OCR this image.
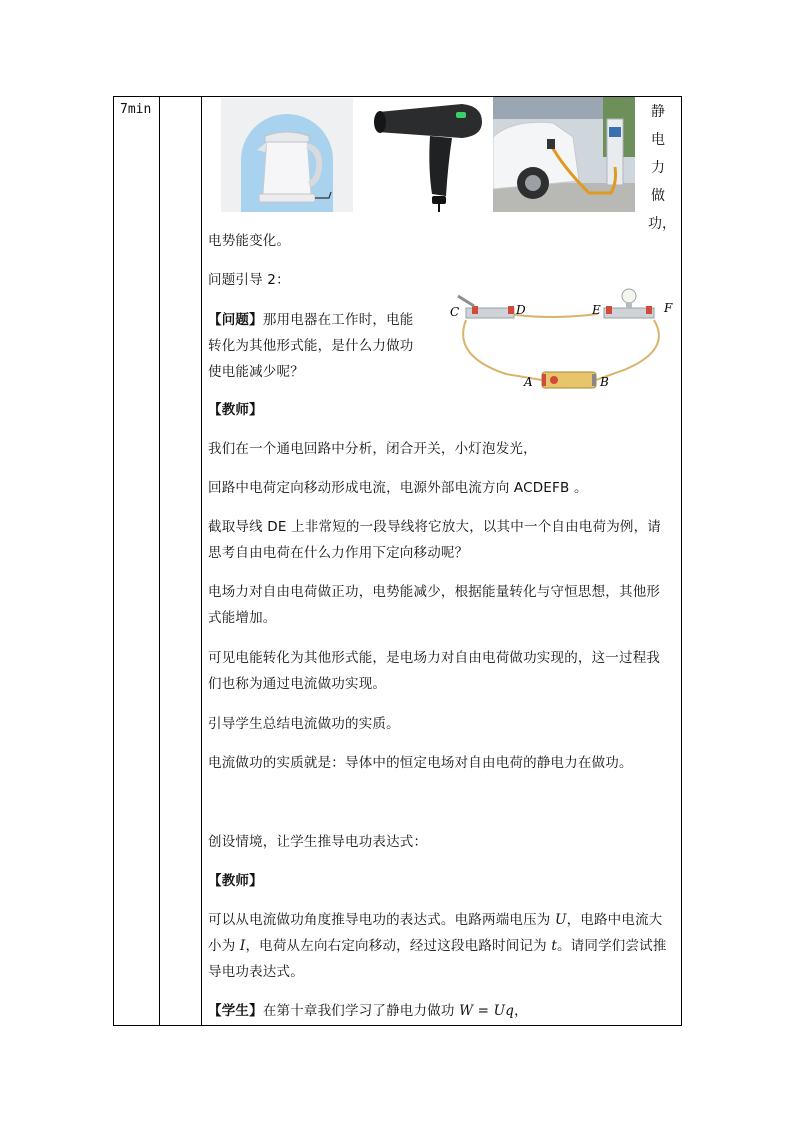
7min	静
电
力
做
功，

电势能变化。

问题引导 2：

【问题】那用电器在工作时，电能
转化为其他形式能，是什么力做功
使电能减少呢？

C	D	E	F
A	B

【教师】

我们在一个通电回路中分析，闭合开关，小灯泡发光，

回路中电荷定向移动形成电流，电源外部电流方向 ACDEFB 。

截取导线 DE 上非常短的一段导线将它放大，以其中一个自由电荷为例，请
思考自由电荷在什么力作用下定向移动呢？

电场力对自由电荷做正功，电势能减少，根据能量转化与守恒思想，其他形
式能增加。

可见电能转化为其他形式能，是电场力对自由电荷做功实现的，这一过程我
们也称为通过电流做功实现。

引导学生总结电流做功的实质。

电流做功的实质就是：导体中的恒定电场对自由电荷的静电力在做功。

创设情境，让学生推导电功表达式：

【教师】

可以从电流做功角度推导电功的表达式。电路两端电压为 U，电路中电流大
小为 I，电荷从左向右定向移动，经过这段电路时间记为 t。请同学们尝试推
导电功表达式。

【学生】在第十章我们学习了静电力做功 W = Uq，
